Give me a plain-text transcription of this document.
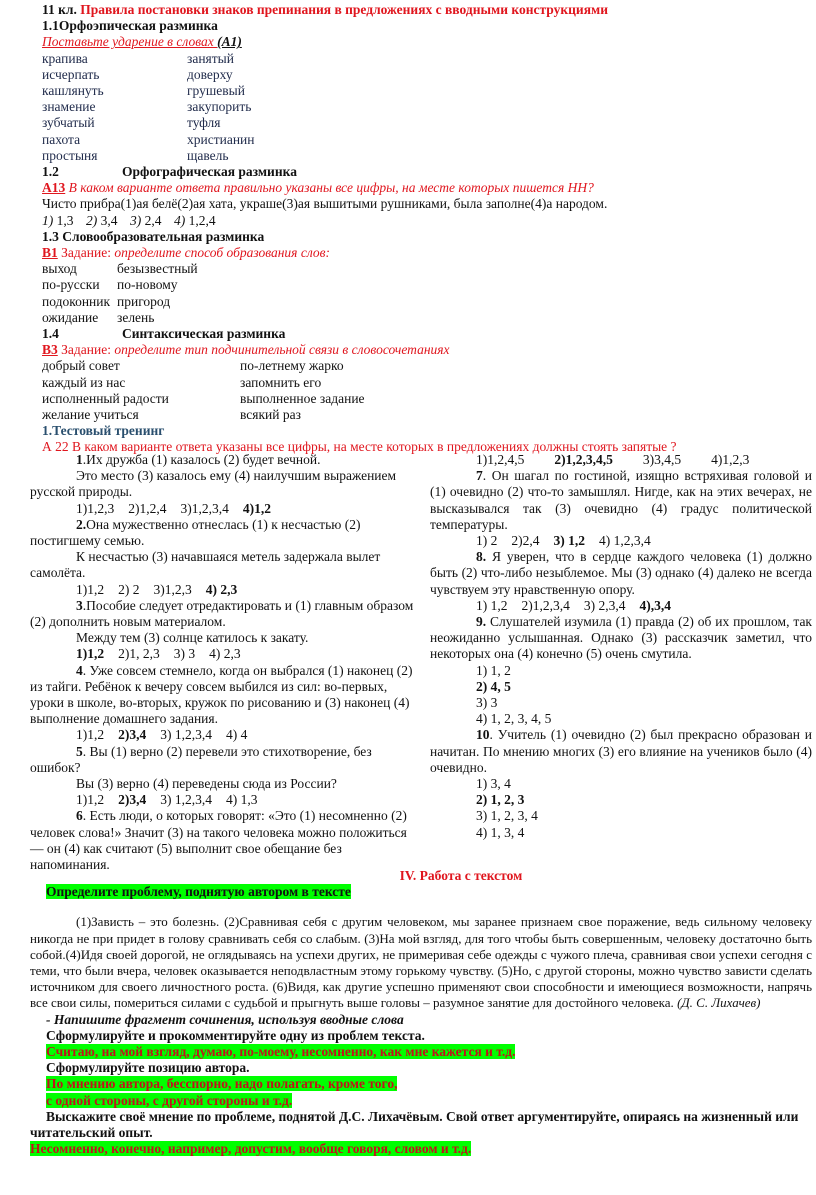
11 кл. Правила постановки знаков препинания в предложениях с вводными конструкциями
1.1Орфоэпическая разминка
Поставьте ударение в словах (А1)
крапива	занятый
исчерпать	доверху
кашлянуть	грушевый
знамение	закупорить
зубчатый	туфля
пахота	христианин
простыня	щавель
1.2	Орфографическая разминка
А13 В каком варианте ответа правильно указаны все цифры, на месте которых пишется НН?
Чисто прибра(1)ая белё(2)ая хата, украше(3)ая вышитыми рушниками, была заполне(4)а народом.
1) 1,3 2) 3,4 3) 2,4 4) 1,2,4
1.3 Словообразовательная разминка
В1 Задание: определите способ образования слов:
выход	безызвестный
по-русски по-новому
подоконник пригород
ожидание зелень
1.4	Синтаксическая разминка
В3 Задание: определите тип подчинительной связи в словосочетаниях
добрый совет	по-летнему жарко
каждый из нас	запомнить его
исполненный радости	выполненное задание
желание учиться	всякий раз
1.Тестовый тренинг
А 22 В каком варианте ответа указаны все цифры, на месте которых в предложениях должны стоять запятые ?

1.Их дружба (1) казалось (2) будет вечной.

Это место (3) казалось ему (4) наилучшим выражением русской природы.

1)1,2,3 2)1,2,4 3)1,2,3,4 4)1,2

2.Она мужественно отнеслась (1) к несчастью (2) постигшему семью.

К несчастью (3) начавшаяся метель задержала вылет самолёта.

1)1,2 2) 2 3)1,2,3 4) 2,3

3.Пособие следует отредактировать и (1) главным образом (2) дополнить новым материалом.

Между тем (3) солнце катилось к закату.

1)1,2 2)1, 2,3 3) 3 4) 2,3

4. Уже совсем стемнело, когда он выбрался (1) наконец (2) из тайги. Ребёнок к вечеру совсем выбился из сил: во-первых, уроки в школе, во-вторых, кружок по рисованию и (3) наконец (4) выполнение домашнего задания.

1)1,2 2)3,4 3) 1,2,3,4 4) 4

5. Вы (1) верно (2) перевели это стихотворение, без ошибок?

Вы (3) верно (4) переведены сюда из России?

1)1,2 2)3,4 3) 1,2,3,4 4) 1,3

6. Есть люди, о которых говорят: «Это (1) несомненно (2) человек слова!» Значит (3) на такого человека можно положиться — он (4) как считают (5) выполнит свое обещание без напоминания.

1)1,2,4,5 2)1,2,3,4,5 3)3,4,5 4)1,2,3

7. Он шагал по гостиной, изящно встряхивая головой и (1) очевидно (2) что-то замышлял. Нигде, как на этих вечерах, не высказывался так (3) очевидно (4) градус политической температуры.

1) 2 2)2,4 3) 1,2 4) 1,2,3,4

8. Я уверен, что в сердце каждого человека (1) должно быть (2) что-либо незыблемое. Мы (3) однако (4) далеко не всегда чувствуем эту нравственную опору.

1) 1,2 2)1,2,3,4 3) 2,3,4 4),3,4

9. Слушателей изумила (1) правда (2) об их прошлом, так неожиданно услышанная. Однако (3) рассказчик заметил, что некоторых она (4) конечно (5) очень смутила.

1) 1, 2
2) 4, 5
3) 3
4) 1, 2, 3, 4, 5

10. Учитель (1) очевидно (2) был прекрасно образован и начитан. По мнению многих (3) его влияние на учеников было (4) очевидно.

1) 3, 4
2) 1, 2, 3
3) 1, 2, 3, 4
4) 1, 3, 4
IV. Работа с текстом
Определите проблему, поднятую автором в тексте

(1)Зависть – это болезнь. (2)Сравнивая себя с другим человеком, мы заранее признаем свое поражение, ведь сильному человеку никогда не при придет в голову сравнивать себя со слабым. (3)На мой взгляд, для того чтобы быть совершенным, человеку достаточно быть собой.(4)Идя своей дорогой, не оглядываясь на успехи других, не примеривая себе одежды с чужого плеча, сравнивая свои успехи сегодня с теми, что были вчера, человек оказывается неподвластным этому горькому чувству. (5)Но, с другой стороны, можно чувство зависти сделать источником для своего личностного роста. (6)Видя, как другие успешно применяют свои способности и имеющиеся возможности, напрячь все свои силы, помериться силами с судьбой и прыгнуть выше головы – разумное занятие для достойного человека. (Д. С. Лихачев)

- Напишите фрагмент сочинения, используя вводные слова
Сформулируйте и прокомментируйте одну из проблем текста.
Считаю, на мой взгляд, думаю, по-моему, несомненно, как мне кажется и т.д.
Сформулируйте позицию автора.
По мнению автора, бесспорно, надо полагать, кроме того,
с одной стороны, с другой стороны и т.д.
Выскажите своё мнение по проблеме, поднятой Д.С. Лихачёвым. Свой ответ аргументируйте, опираясь на жизненный или читательский опыт.
Несомненно, конечно, например, допустим, вообще говоря, словом и т.д.
